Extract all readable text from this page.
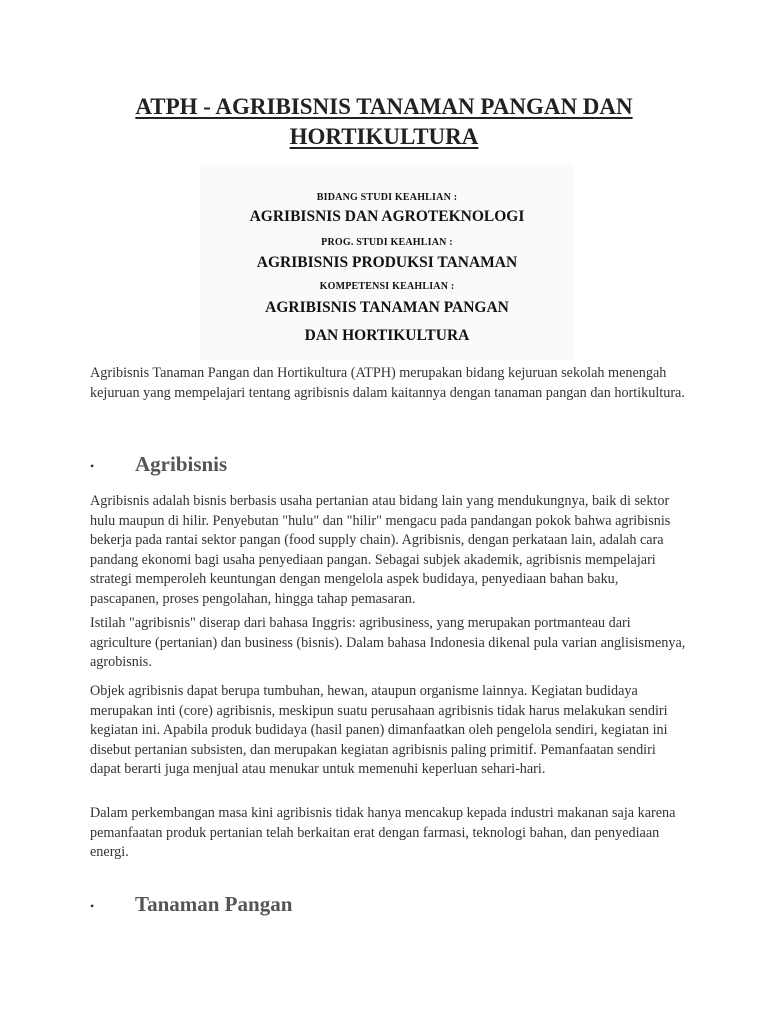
ATPH - AGRIBISNIS TANAMAN PANGAN DAN
HORTIKULTURA
BIDANG STUDI KEAHLIAN :
AGRIBISNIS DAN AGROTEKNOLOGI
PROG. STUDI KEAHLIAN :
AGRIBISNIS PRODUKSI TANAMAN
KOMPETENSI KEAHLIAN :
AGRIBISNIS TANAMAN PANGAN
DAN HORTIKULTURA

Agribisnis Tanaman Pangan dan Hortikultura (ATPH) merupakan bidang kejuruan sekolah menengah kejuruan yang mempelajari tentang agribisnis dalam kaitannya dengan tanaman pangan dan hortikultura.

• Agribisnis

Agribisnis adalah bisnis berbasis usaha pertanian atau bidang lain yang mendukungnya, baik di sektor hulu maupun di hilir. Penyebutan "hulu" dan "hilir" mengacu pada pandangan pokok bahwa agribisnis bekerja pada rantai sektor pangan (food supply chain). Agribisnis, dengan perkataan lain, adalah cara pandang ekonomi bagi usaha penyediaan pangan. Sebagai subjek akademik, agribisnis mempelajari strategi memperoleh keuntungan dengan mengelola aspek budidaya, penyediaan bahan baku, pascapanen, proses pengolahan, hingga tahap pemasaran.

Istilah "agribisnis" diserap dari bahasa Inggris: agribusiness, yang merupakan portmanteau dari agriculture (pertanian) dan business (bisnis). Dalam bahasa Indonesia dikenal pula varian anglisismenya, agrobisnis.

Objek agribisnis dapat berupa tumbuhan, hewan, ataupun organisme lainnya. Kegiatan budidaya merupakan inti (core) agribisnis, meskipun suatu perusahaan agribisnis tidak harus melakukan sendiri kegiatan ini. Apabila produk budidaya (hasil panen) dimanfaatkan oleh pengelola sendiri, kegiatan ini disebut pertanian subsisten, dan merupakan kegiatan agribisnis paling primitif. Pemanfaatan sendiri dapat berarti juga menjual atau menukar untuk memenuhi keperluan sehari-hari.

Dalam perkembangan masa kini agribisnis tidak hanya mencakup kepada industri makanan saja karena pemanfaatan produk pertanian telah berkaitan erat dengan farmasi, teknologi bahan, dan penyediaan energi.

• Tanaman Pangan
